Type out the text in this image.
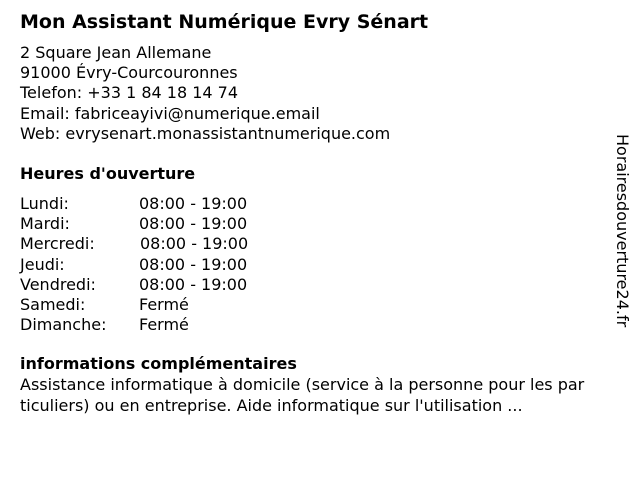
Mon Assistant Numérique Evry Sénart
2 Square Jean Allemane
91000 Évry-Courcouronnes
Telefon: +33 1 84 18 14 74
Email: fabriceayivi@numerique.email
Web: evrysenart.monassistantnumerique.com
Heures d'ouverture
Lundi:	08:00 - 19:00
Mardi:	08:00 - 19:00
Mercredi:	08:00 - 19:00
Jeudi:	08:00 - 19:00
Vendredi:	08:00 - 19:00
Samedi:	Fermé
Dimanche: Fermé
informations complémentaires
Assistance informatique à domicile (service à la personne pour les par
ticuliers) ou en entreprise. Aide informatique sur l'utilisation ...
Horairesdouverture24.fr
